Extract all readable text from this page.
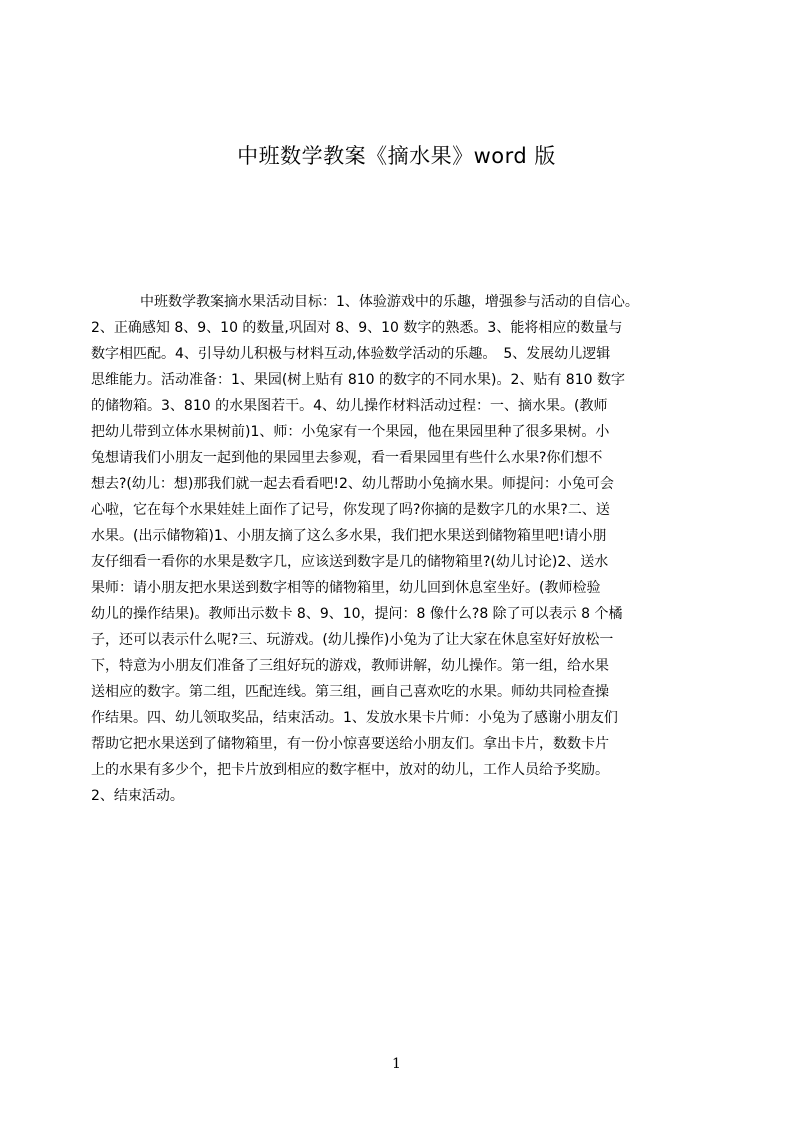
中班数学教案《摘水果》word 版
中班数学教案摘水果活动目标：1、体验游戏中的乐趣，增强参与活动的自信心。
2、正确感知 8、9、10 的数量,巩固对 8、9、10 数字的熟悉。3、能将相应的数量与
数字相匹配。4、引导幼儿积极与材料互动,体验数学活动的乐趣。　5、发展幼儿逻辑
思维能力。活动准备：1、果园(树上贴有 810 的数字的不同水果)。2、贴有 810 数字
的储物箱。3、810 的水果图若干。4、幼儿操作材料活动过程：一、摘水果。(教师
把幼儿带到立体水果树前)1、师：小兔家有一个果园，他在果园里种了很多果树。小
兔想请我们小朋友一起到他的果园里去参观，看一看果园里有些什么水果?你们想不
想去?(幼儿：想)那我们就一起去看看吧!2、幼儿帮助小兔摘水果。师提问：小兔可会
心啦，它在每个水果娃娃上面作了记号，你发现了吗?你摘的是数字几的水果?二、送
水果。(出示储物箱)1、小朋友摘了这么多水果，我们把水果送到储物箱里吧!请小朋
友仔细看一看你的水果是数字几，应该送到数字是几的储物箱里?(幼儿讨论)2、送水
果师：请小朋友把水果送到数字相等的储物箱里，幼儿回到休息室坐好。(教师检验
幼儿的操作结果)。教师出示数卡 8、9、10，提问：8 像什么?8 除了可以表示 8 个橘
子，还可以表示什么呢?三、玩游戏。(幼儿操作)小兔为了让大家在休息室好好放松一
下，特意为小朋友们准备了三组好玩的游戏，教师讲解，幼儿操作。第一组，给水果
送相应的数字。第二组，匹配连线。第三组，画自己喜欢吃的水果。师幼共同检查操
作结果。四、幼儿领取奖品，结束活动。1、发放水果卡片师：小兔为了感谢小朋友们
帮助它把水果送到了储物箱里，有一份小惊喜要送给小朋友们。拿出卡片，数数卡片
上的水果有多少个，把卡片放到相应的数字框中，放对的幼儿，工作人员给予奖励。
2、结束活动。
1
